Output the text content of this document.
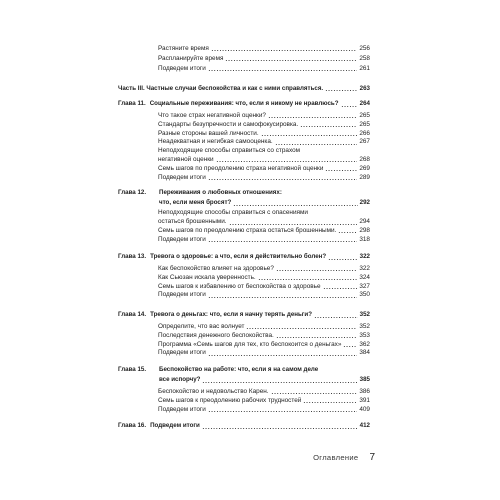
Растяните время	256
Распланируйте время	258
Подведем итоги	261
Часть III. Частные случаи беспокойства и как с ними справляться.	263
Глава 11. Социальные переживания: что, если я никому не нравлюсь?	264
Что такое страх негативной оценки?	265
Стандарты безупречности и самофокусировка.	265
Разные стороны вашей личности.	266
Неадекватная и негибкая самооценка.	267
Неподходящие способы справиться со страхом
негативной оценки	268
Семь шагов по преодолению страха негативной оценки	269
Подведем итоги	289
Глава 12.	Переживания о любовных отношениях:
что, если меня бросят?	292
Неподходящие способы справиться с опасениями
остаться брошенными.	294
Семь шагов по преодолению страха остаться брошенными.	298
Подведем итоги	318
Глава 13. Тревога о здоровье: а что, если я действительно болен?	322
Как беспокойство влияет на здоровье?	322
Как Сьюзан искала уверенность.	324
Семь шагов к избавлению от беспокойства о здоровье	327
Подведем итоги	350
Глава 14. Тревога о деньгах: что, если я начну терять деньги?	352
Определите, что вас волнует	352
Последствия денежного беспокойства.	353
Программа «Семь шагов для тех, кто беспокоится о деньгах»	362
Подведем итоги	384
Глава 15.	Беспокойство на работе: что, если я на самом деле
все испорчу?	385
Беспокойство и недовольство Карен.	386
Семь шагов к преодолению рабочих трудностей	391
Подведем итоги	409
Глава 16. Подведем итоги	412
Оглавление 7
